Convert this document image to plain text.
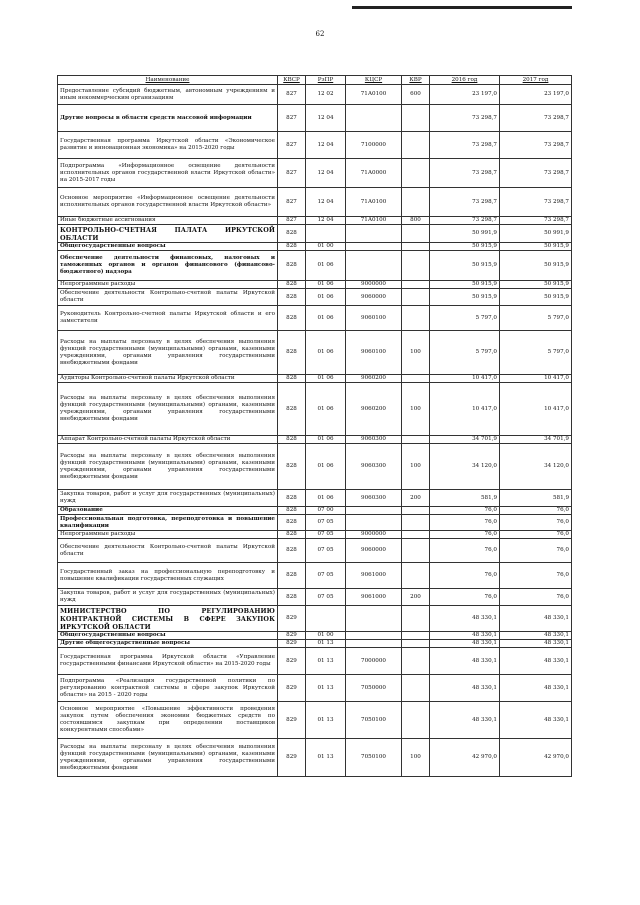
62
Наименование	КВСР	РзПР	КЦСР	КВР	2016 год	2017 год
Предоставление субсидий бюджетным, автономным учреждениям и иным некоммерческим организациям	827	12 02	71А0100	600	23 197,0	23 197,0
Другие вопросы в области средств массовой информации	827	12 04			73 298,7	73 298,7
Государственная программа Иркутской области «Экономическое развитие и инновационная экономика» на 2015-2020 годы	827	12 04	7100000		73 298,7	73 298,7
Подпрограмма «Информационное освещение деятельности исполнительных органов государственной власти Иркутской области» на 2015-2017 годы	827	12 04	71А0000		73 298,7	73 298,7
Основное мероприятие «Информационное освещение деятельности исполнительных органов государственной власти Иркутской области»	827	12 04	71А0100		73 298,7	73 298,7
Иные бюджетные ассигнования	827	12 04	71А0100	800	73 298,7	73 298,7
КОНТРОЛЬНО-СЧЕТНАЯ ПАЛАТА ИРКУТСКОЙ ОБЛАСТИ	828				50 991,9	50 991,9
Общегосударственные вопросы	828	01 00			50 915,9	50 915,9
Обеспечение деятельности финансовых, налоговых и таможенных органов и органов финансового (финансово-бюджетного) надзора	828	01 06			50 915,9	50 915,9
Непрограммные расходы	828	01 06	9000000		50 915,9	50 915,9
Обеспечение деятельности Контрольно-счетной палаты Иркутской области	828	01 06	9060000		50 915,9	50 915,9
Руководитель Контрольно-счетной палаты Иркутской области и его заместители	828	01 06	9060100		5 797,0	5 797,0
Расходы на выплаты персоналу в целях обеспечения выполнения функций государственными (муниципальными) органами, казенными учреждениями, органами управления государственными внебюджетными фондами	828	01 06	9060100	100	5 797,0	5 797,0
Аудиторы Контрольно-счетной палаты Иркутской области	828	01 06	9060200		10 417,0	10 417,0
Расходы на выплаты персоналу в целях обеспечения выполнения функций государственными (муниципальными) органами, казенными учреждениями, органами управления государственными внебюджетными фондами	828	01 06	9060200	100	10 417,0	10 417,0
Аппарат Контрольно-счетной палаты Иркутской области	828	01 06	9060300		34 701,9	34 701,9
Расходы на выплаты персоналу в целях обеспечения выполнения функций государственными (муниципальными) органами, казенными учреждениями, органами управления государственными внебюджетными фондами	828	01 06	9060300	100	34 120,0	34 120,0
Закупка товаров, работ и услуг для государственных (муниципальных) нужд	828	01 06	9060300	200	581,9	581,9
Образование	828	07 00			76,0	76,0
Профессиональная подготовка, переподготовка и повышение квалификации	828	07 05			76,0	76,0
Непрограммные расходы	828	07 05	9000000		76,0	76,0
Обеспечение деятельности Контрольно-счетной палаты Иркутской области	828	07 05	9060000		76,0	76,0
Государственный заказ на профессиональную переподготовку и повышение квалификации государственных служащих	828	07 05	9061000		76,0	76,0
Закупка товаров, работ и услуг для государственных (муниципальных) нужд	828	07 05	9061000	200	76,0	76,0
МИНИСТЕРСТВО ПО РЕГУЛИРОВАНИЮ КОНТРАКТНОЙ СИСТЕМЫ В СФЕРЕ ЗАКУПОК ИРКУТСКОЙ ОБЛАСТИ	829				48 330,1	48 330,1
Общегосударственные вопросы	829	01 00			48 330,1	48 330,1
Другие общегосударственные вопросы	829	01 13			48 330,1	48 330,1
Государственная программа Иркутской области «Управление государственными финансами Иркутской области» на 2015-2020 годы	829	01 13	7000000		48 330,1	48 330,1
Подпрограмма «Реализация государственной политики по регулированию контрактной системы в сфере закупок Иркутской области» на 2015 - 2020 годы	829	01 13	7050000		48 330,1	48 330,1
Основное мероприятие «Повышение эффективности проведения закупок путем обеспечения экономии бюджетных средств по состоявшимся закупкам при определении поставщиков конкурентными способами»	829	01 13	7050100		48 330,1	48 330,1
Расходы на выплаты персоналу в целях обеспечения выполнения функций государственными (муниципальными) органами, казенными учреждениями, органами управления государственными внебюджетными фондами	829	01 13	7050100	100	42 970,0	42 970,0
